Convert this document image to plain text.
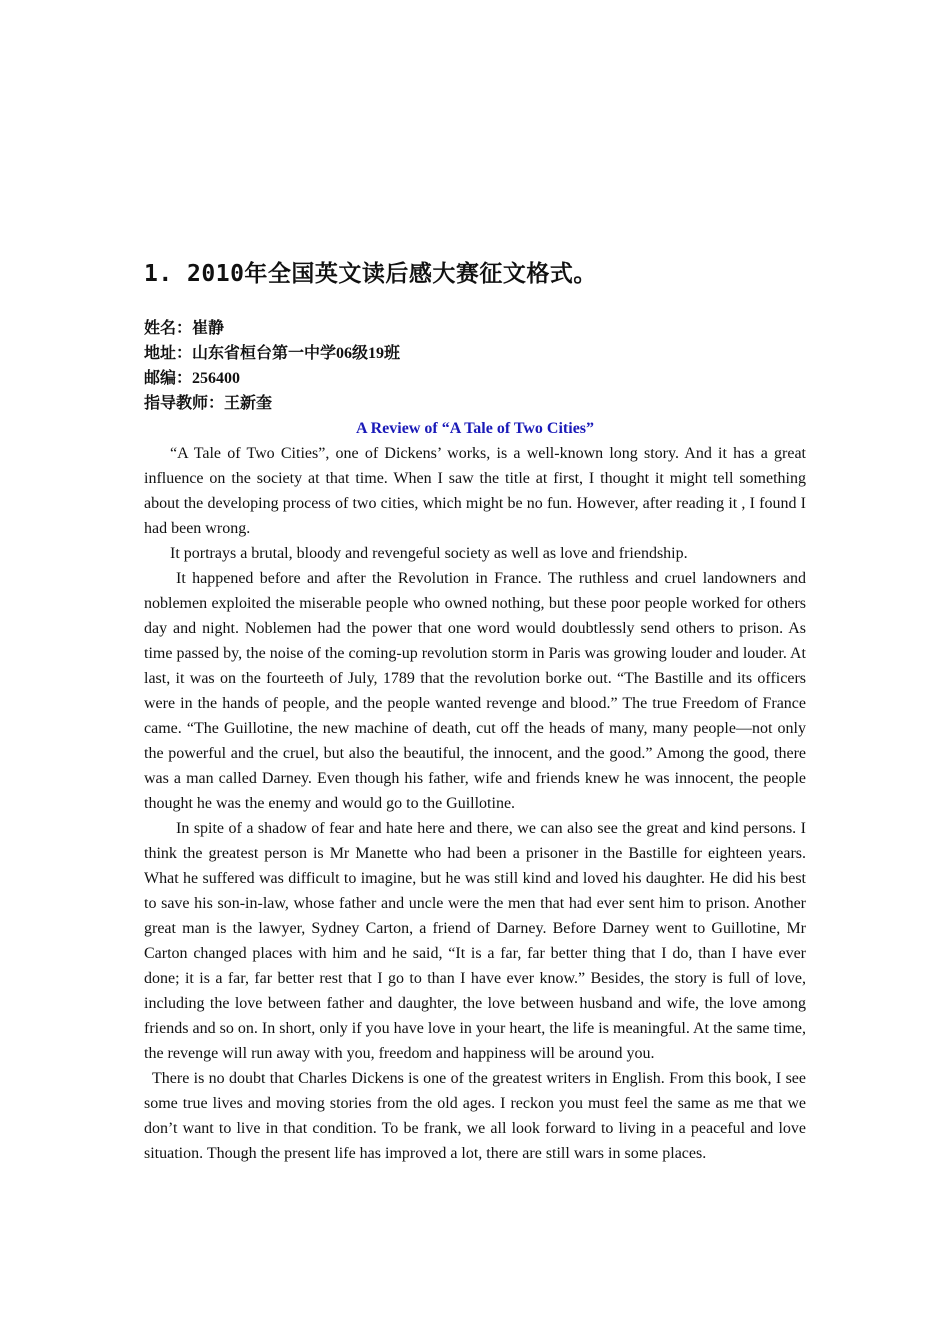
1. 2010年全国英文读后感大赛征文格式。
姓名：崔静
地址：山东省桓台第一中学06级19班
邮编：256400
指导教师：王新奎
A Review of “A Tale of Two Cities”

“A Tale of Two Cities”, one of Dickens’ works, is a well-known long story. And it has a great influence on the society at that time. When I saw the title at first, I thought it might tell something about the developing process of two cities, which might be no fun. However, after reading it , I found I had been wrong.

It portrays a brutal, bloody and revengeful society as well as love and friendship.

It happened before and after the Revolution in France. The ruthless and cruel landowners and noblemen exploited the miserable people who owned nothing, but these poor people worked for others day and night. Noblemen had the power that one word would doubtlessly send others to prison. As time passed by, the noise of the coming-up revolution storm in Paris was growing louder and louder. At last, it was on the fourteeth of July, 1789 that the revolution borke out. “The Bastille and its officers were in the hands of people, and the people wanted revenge and blood.” The true Freedom of France came. “The Guillotine, the new machine of death, cut off the heads of many, many people—not only the powerful and the cruel, but also the beautiful, the innocent, and the good.” Among the good, there was a man called Darney. Even though his father, wife and friends knew he was innocent, the people thought he was the enemy and would go to the Guillotine.

In spite of a shadow of fear and hate here and there, we can also see the great and kind persons. I think the greatest person is Mr Manette who had been a prisoner in the Bastille for eighteen years. What he suffered was difficult to imagine, but he was still kind and loved his daughter. He did his best to save his son-in-law, whose father and uncle were the men that had ever sent him to prison. Another great man is the lawyer, Sydney Carton, a friend of Darney. Before Darney went to Guillotine, Mr Carton changed places with him and he said, “It is a far, far better thing that I do, than I have ever done; it is a far, far better rest that I go to than I have ever know.” Besides, the story is full of love, including the love between father and daughter, the love between husband and wife, the love among friends and so on. In short, only if you have love in your heart, the life is meaningful. At the same time, the revenge will run away with you, freedom and happiness will be around you.

There is no doubt that Charles Dickens is one of the greatest writers in English. From this book, I see some true lives and moving stories from the old ages. I reckon you must feel the same as me that we don’t want to live in that condition. To be frank, we all look forward to living in a peaceful and love situation. Though the present life has improved a lot, there are still wars in some places.
